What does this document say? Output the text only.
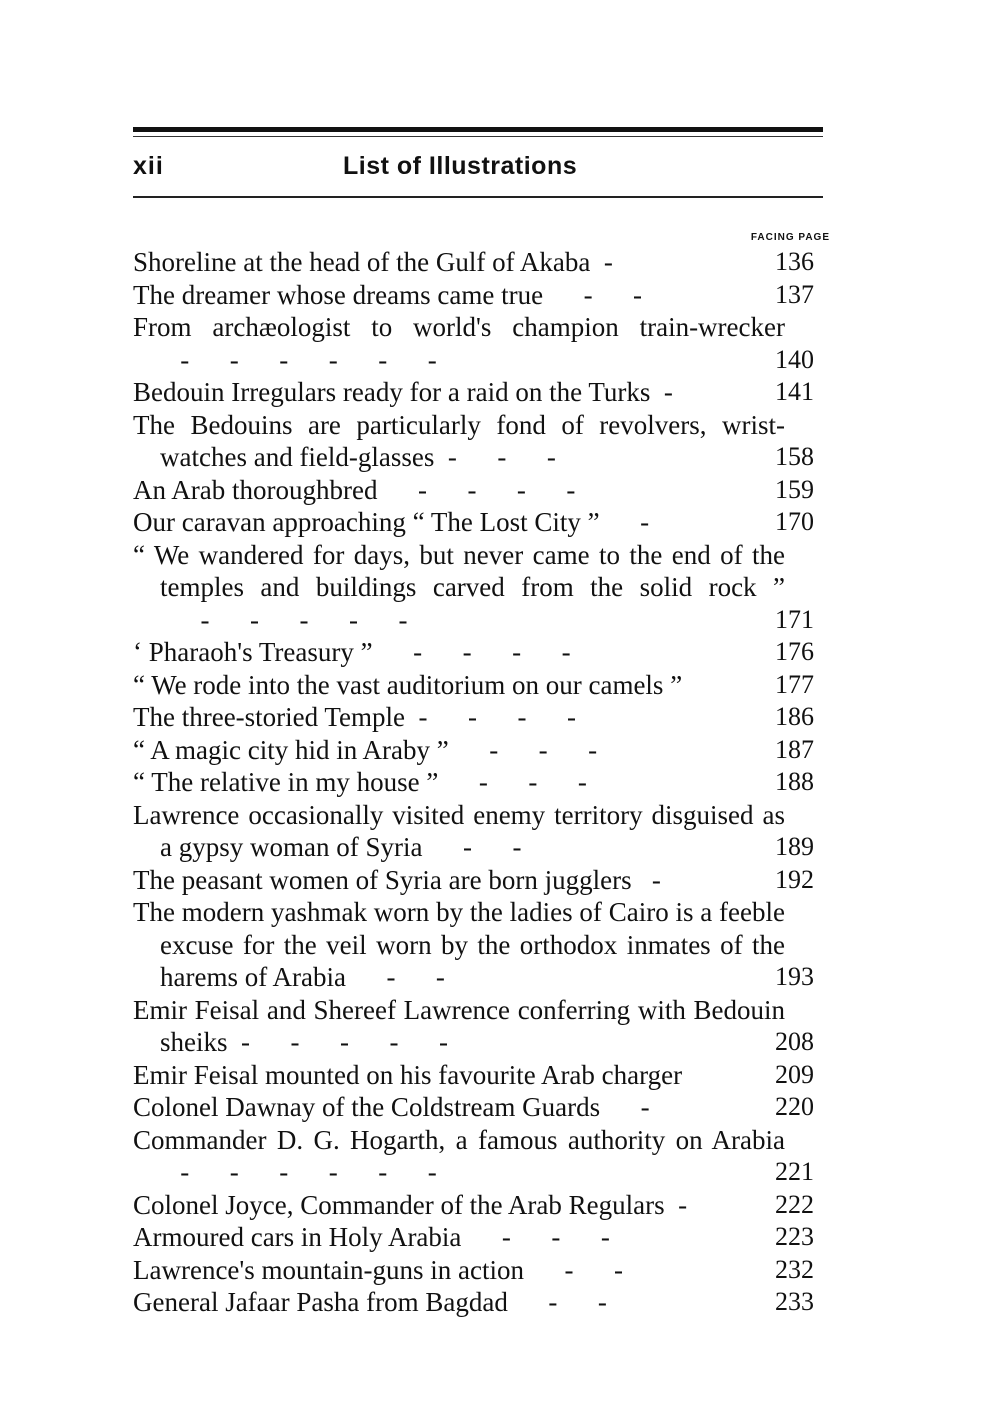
xii	List of Illustrations
FACING PAGE
Shoreline at the head of the Gulf of Akaba  -	136
The dreamer whose dreams came true      -      -	137
From archæologist to world's champion train-wrecker   -      -      -      -      -      -	140
Bedouin Irregulars ready for a raid on the Turks  -	141
The Bedouins are particularly fond of revolvers, wrist-watches and field-glasses  -      -      -	158
An Arab thoroughbred      -      -      -      -	159
Our caravan approaching “ The Lost City ”      -	170
“ We wandered for days, but never came to the end of the temples and buildings carved from the solid rock ”      -      -      -      -      -	171
‘ Pharaoh's Treasury ”      -      -      -      -	176
“ We rode into the vast auditorium on our camels ”	177
The three-storied Temple  -      -      -      -	186
“ A magic city hid in Araby ”      -      -      -	187
“ The relative in my house ”      -      -      -	188
Lawrence occasionally visited enemy territory disguised as a gypsy woman of Syria      -      -	189
The peasant women of Syria are born jugglers   -	192
The modern yashmak worn by the ladies of Cairo is a feeble excuse for the veil worn by the orthodox inmates of the harems of Arabia      -      -	193
Emir Feisal and Shereef Lawrence conferring with Bedouin sheiks  -      -      -      -      -	208
Emir Feisal mounted on his favourite Arab charger	209
Colonel Dawnay of the Coldstream Guards      -	220
Commander D. G. Hogarth, a famous authority on Arabia   -      -      -      -      -      -	221
Colonel Joyce, Commander of the Arab Regulars  -	222
Armoured cars in Holy Arabia      -      -      -	223
Lawrence's mountain-guns in action      -      -	232
General Jafaar Pasha from Bagdad      -      -	233
